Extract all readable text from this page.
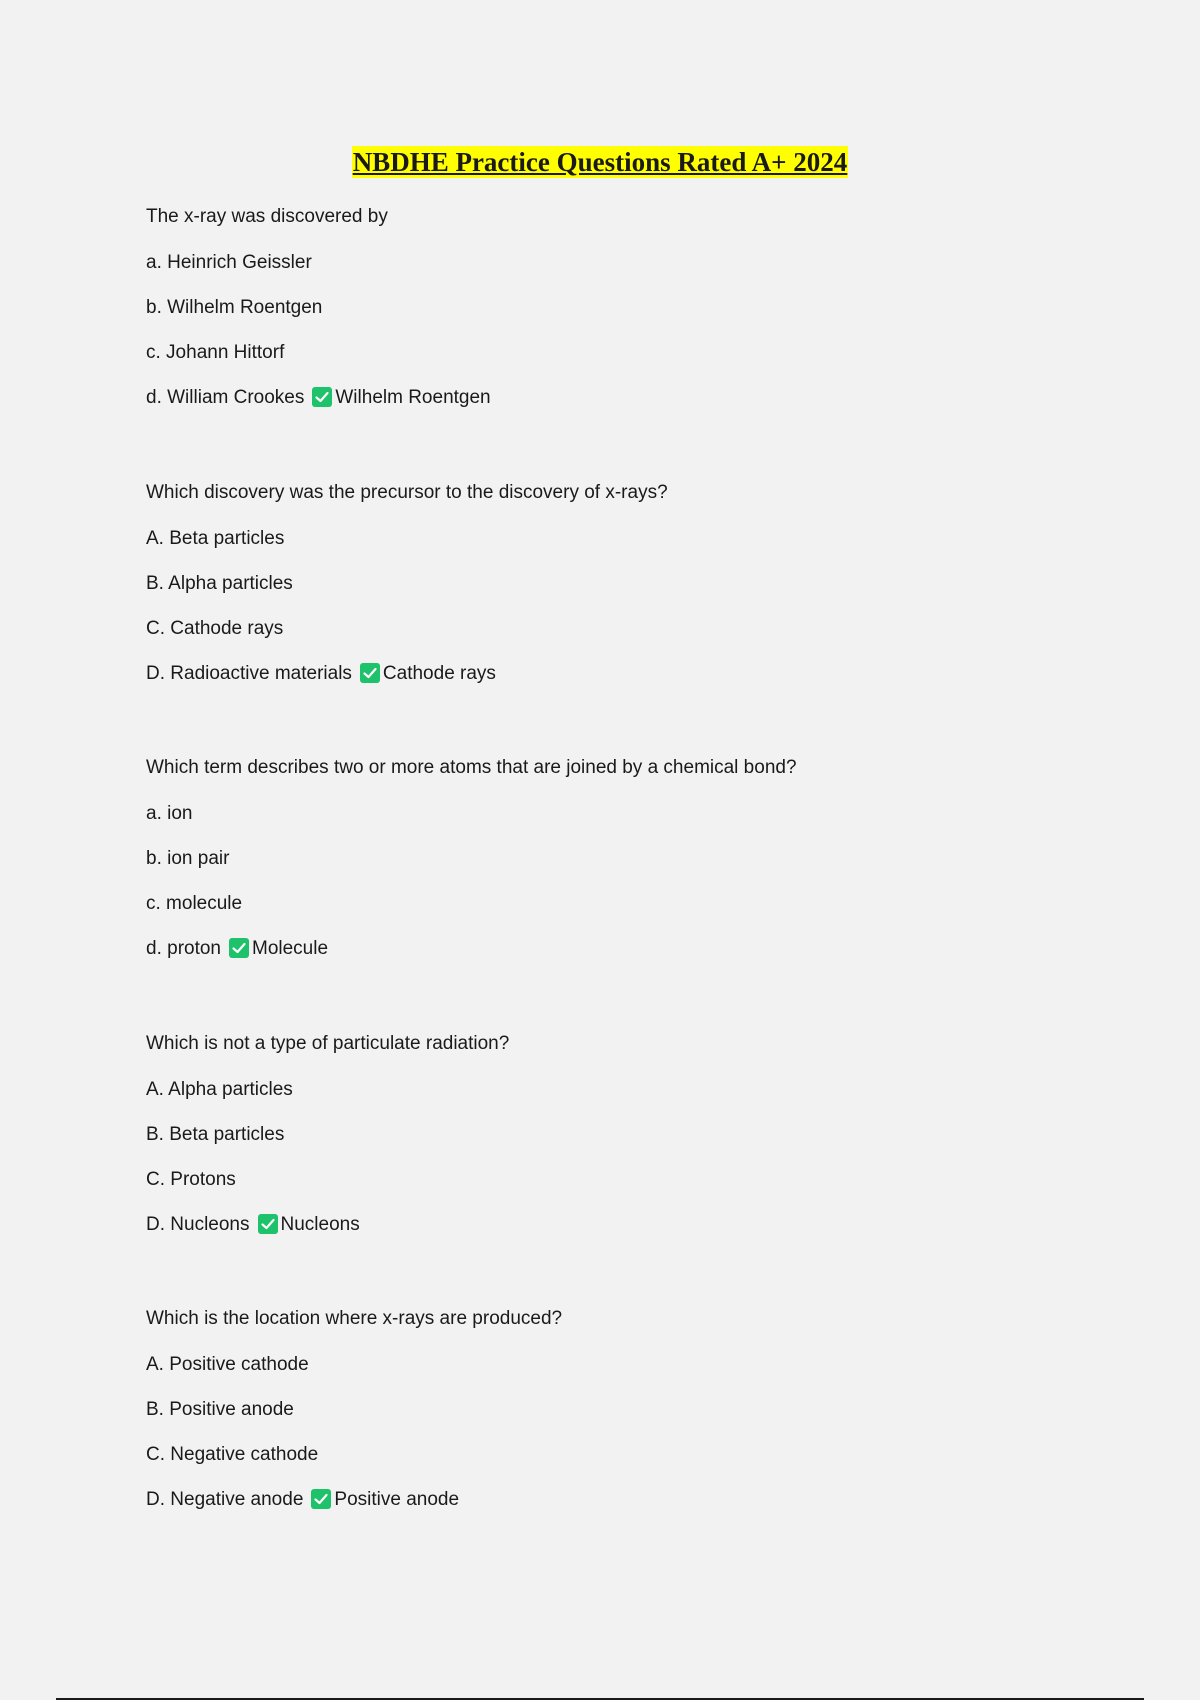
NBDHE Practice Questions Rated A+ 2024
The x-ray was discovered by
a. Heinrich Geissler
b. Wilhelm Roentgen
c. Johann Hittorf
d. William Crookes Wilhelm Roentgen
Which discovery was the precursor to the discovery of x-rays?
A. Beta particles
B. Alpha particles
C. Cathode rays
D. Radioactive materials Cathode rays
Which term describes two or more atoms that are joined by a chemical bond?
a. ion
b. ion pair
c. molecule
d. proton Molecule
Which is not a type of particulate radiation?
A. Alpha particles
B. Beta particles
C. Protons
D. Nucleons Nucleons
Which is the location where x-rays are produced?
A. Positive cathode
B. Positive anode
C. Negative cathode
D. Negative anode Positive anode
